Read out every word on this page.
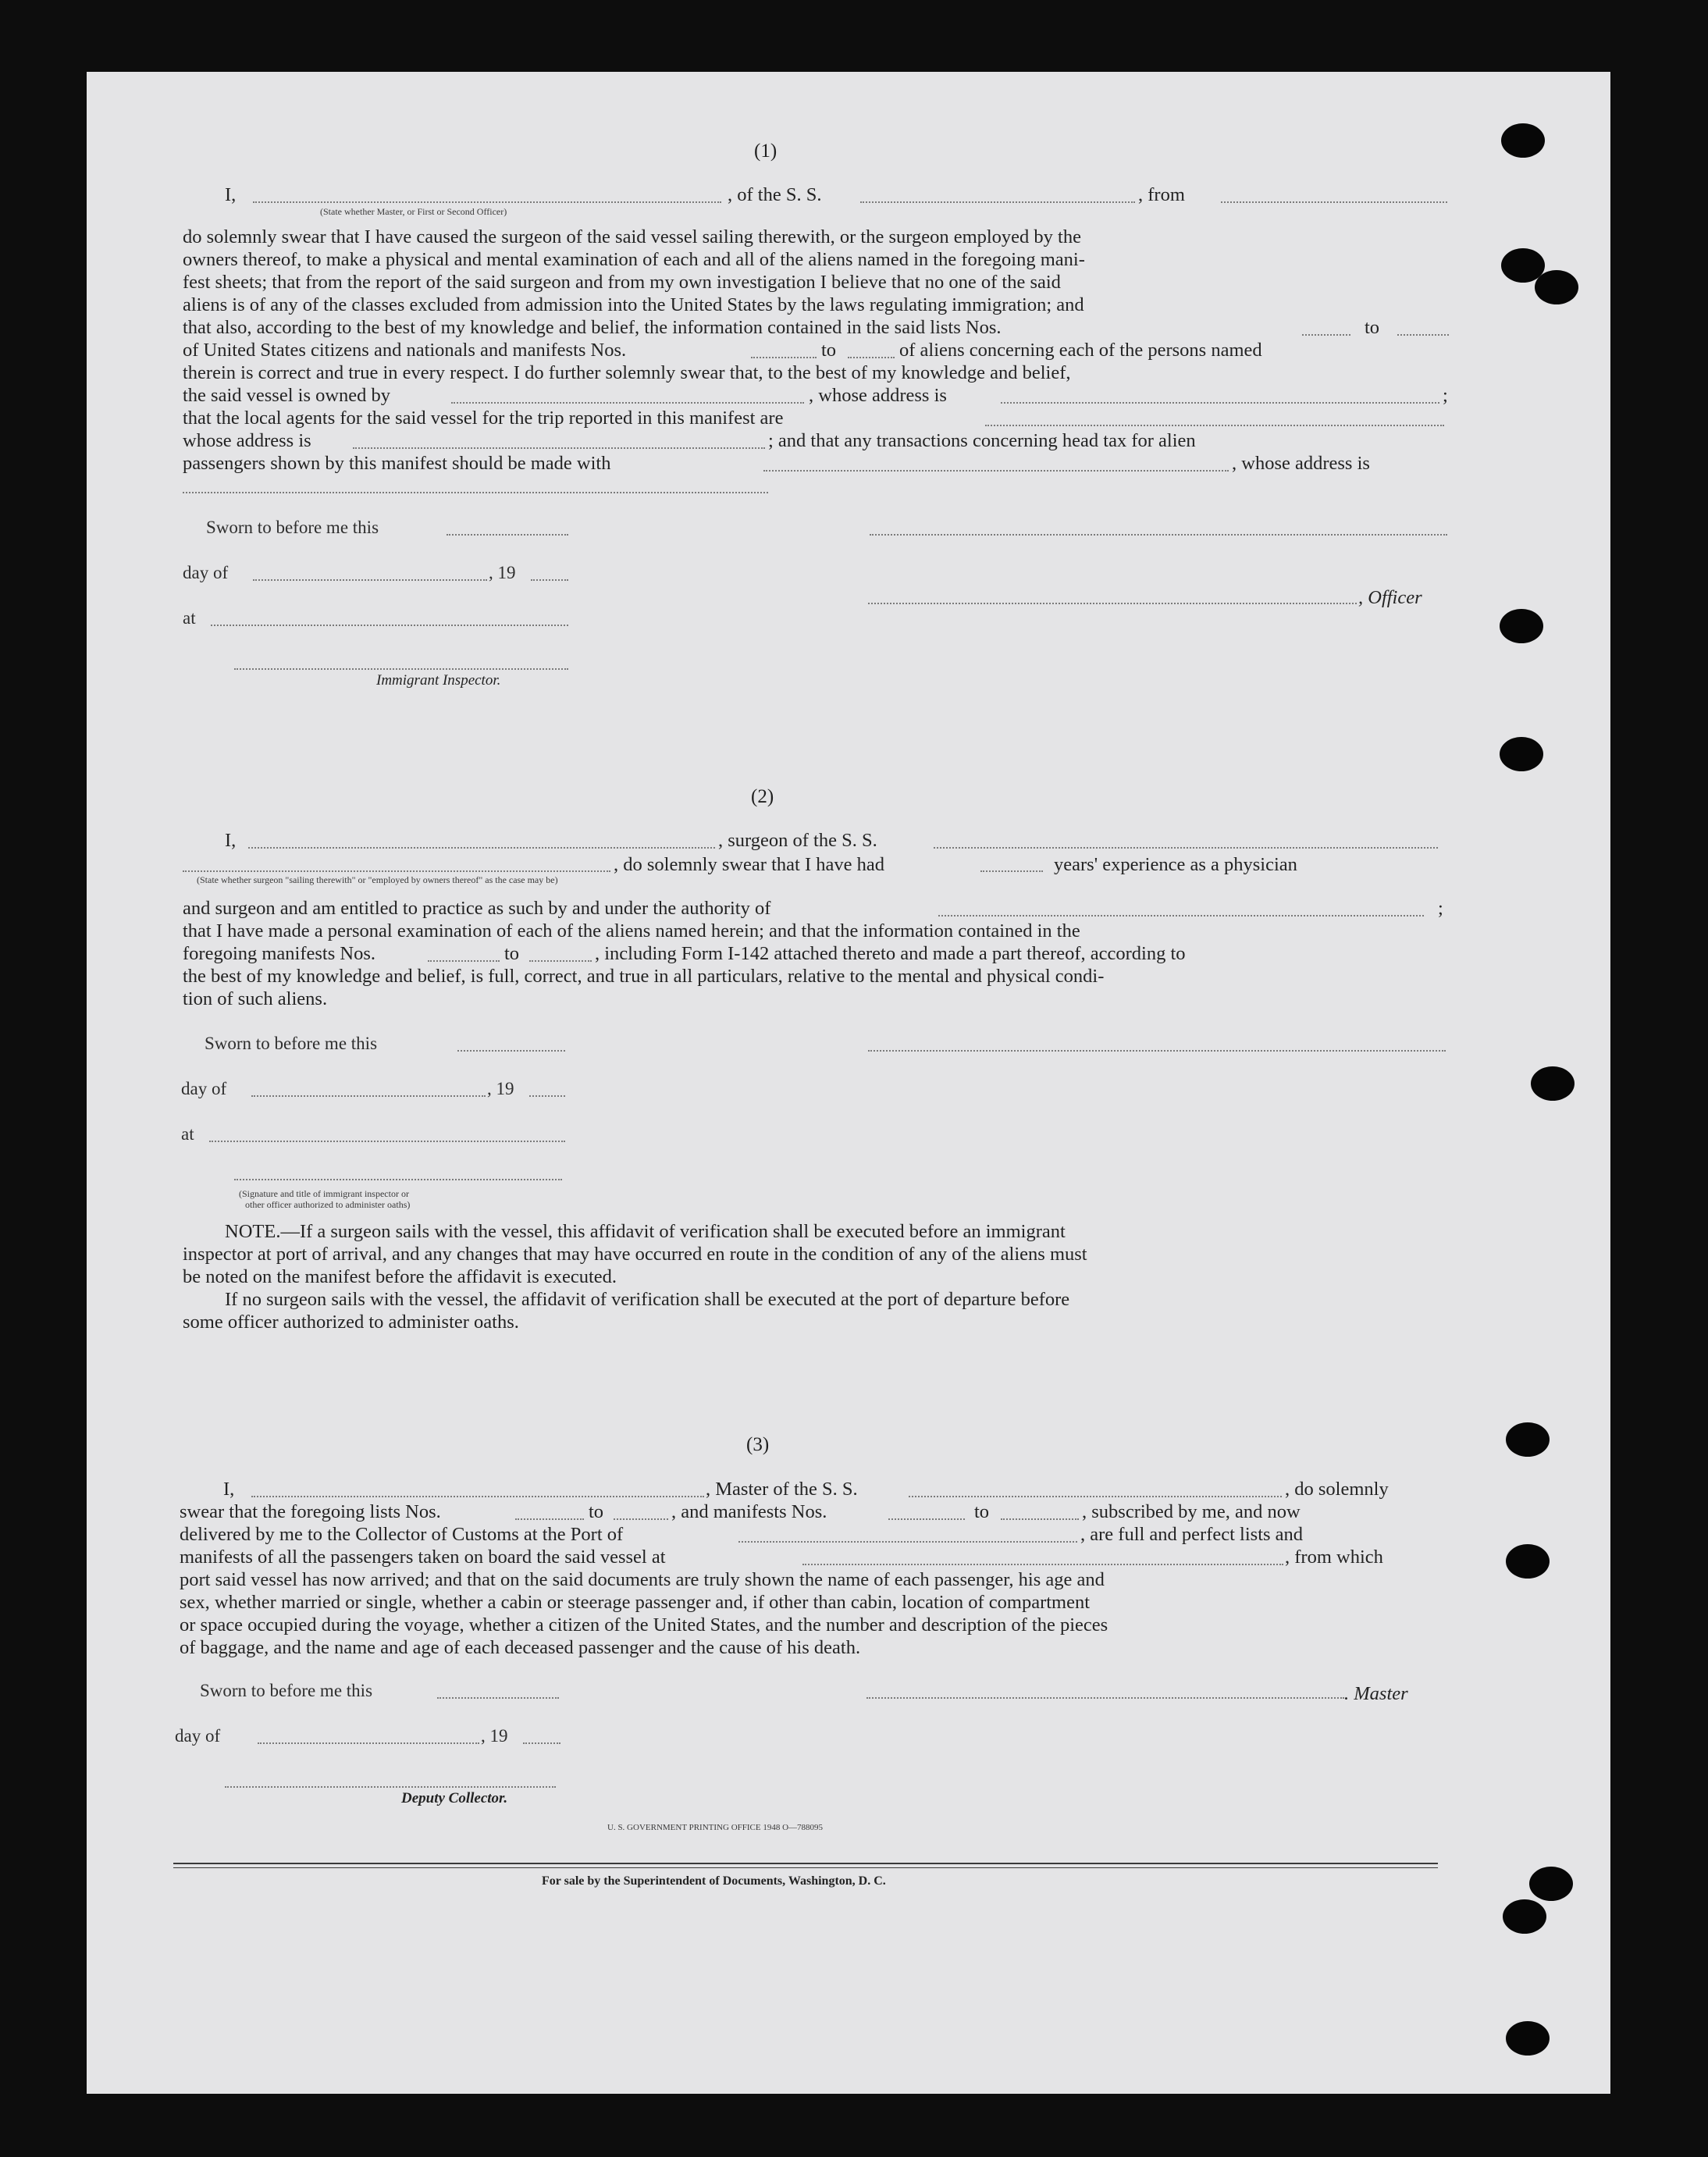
(1)
I,	, of the S. S.	, from
(State whether Master, or First or Second Officer)
do solemnly swear that I have caused the surgeon of the said vessel sailing therewith, or the surgeon employed by the
owners thereof, to make a physical and mental examination of each and all of the aliens named in the foregoing mani-
fest sheets; that from the report of the said surgeon and from my own investigation I believe that no one of the said
aliens is of any of the classes excluded from admission into the United States by the laws regulating immigration; and
that also, according to the best of my knowledge and belief, the information contained in the said lists Nos.	to
of United States citizens and nationals and manifests Nos.	to	of aliens concerning each of the persons named
therein is correct and true in every respect. I do further solemnly swear that, to the best of my knowledge and belief,
the said vessel is owned by	, whose address is	;
that the local agents for the said vessel for the trip reported in this manifest are
whose address is	; and that any transactions concerning head tax for alien
passengers shown by this manifest should be made with	, whose address is
Sworn to before me this
day of	, 19
, Officer
at
Immigrant Inspector.
(2)
I,	, surgeon of the S. S.
, do solemnly swear that I have had	years' experience as a physician
(State whether surgeon "sailing therewith" or "employed by owners thereof" as the case may be)
and surgeon and am entitled to practice as such by and under the authority of	;
that I have made a personal examination of each of the aliens named herein; and that the information contained in the
foregoing manifests Nos.	to	, including Form I-142 attached thereto and made a part thereof, according to
the best of my knowledge and belief, is full, correct, and true in all particulars, relative to the mental and physical condi-
tion of such aliens.
Sworn to before me this
day of	, 19
at
(Signature and title of immigrant inspector or
other officer authorized to administer oaths)
NOTE.—If a surgeon sails with the vessel, this affidavit of verification shall be executed before an immigrant
inspector at port of arrival, and any changes that may have occurred en route in the condition of any of the aliens must
be noted on the manifest before the affidavit is executed.
If no surgeon sails with the vessel, the affidavit of verification shall be executed at the port of departure before
some officer authorized to administer oaths.
(3)
I,	, Master of the S. S.	, do solemnly
swear that the foregoing lists Nos.	to	, and manifests Nos.	to	, subscribed by me, and now
delivered by me to the Collector of Customs at the Port of	, are full and perfect lists and
manifests of all the passengers taken on board the said vessel at	, from which
port said vessel has now arrived; and that on the said documents are truly shown the name of each passenger, his age and
sex, whether married or single, whether a cabin or steerage passenger and, if other than cabin, location of compartment
or space occupied during the voyage, whether a citizen of the United States, and the number and description of the pieces
of baggage, and the name and age of each deceased passenger and the cause of his death.
Sworn to before me this	. Master
day of	, 19
Deputy Collector.
U. S. GOVERNMENT PRINTING OFFICE 1948 O—788095
For sale by the Superintendent of Documents, Washington, D. C.
